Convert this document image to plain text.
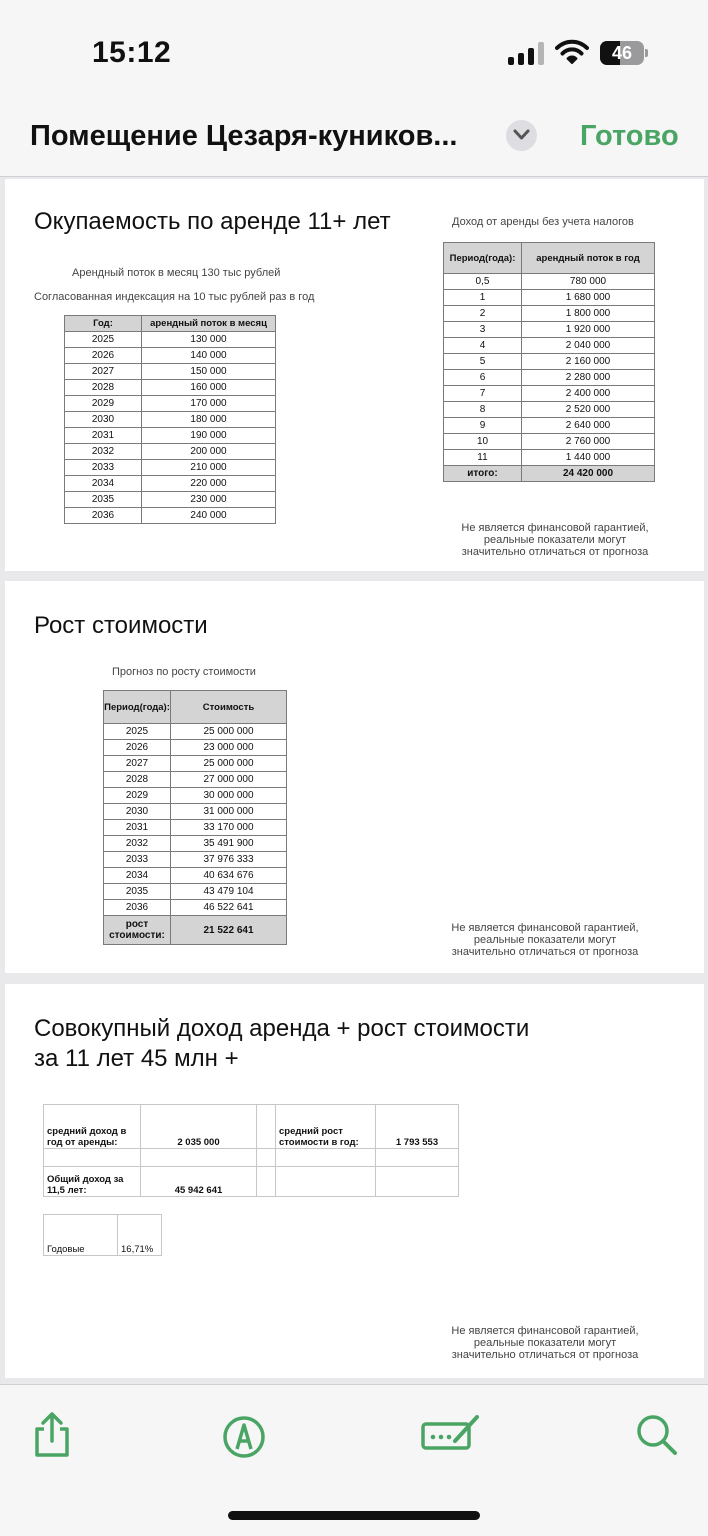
15:12	46
Помещение Цезаря-куников...	Готово
Окупаемость по аренде 11+ лет
Арендный поток в месяц 130 тыс рублей
Согласованная индексация на 10 тыс рублей раз в год
Год:	арендный поток в месяц
2025	130 000
2026	140 000
2027	150 000
2028	160 000
2029	170 000
2030	180 000
2031	190 000
2032	200 000
2033	210 000
2034	220 000
2035	230 000
2036	240 000
Доход от аренды без учета налогов
Период(года):	арендный поток в год
0,5	780 000
1	1 680 000
2	1 800 000
3	1 920 000
4	2 040 000
5	2 160 000
6	2 280 000
7	2 400 000
8	2 520 000
9	2 640 000
10	2 760 000
11	1 440 000
итого:	24 420 000
Не является финансовой гарантией,
реальные показатели могут
значительно отличаться от прогноза
Рост стоимости
Прогноз по росту стоимости
Период(года):	Стоимость
2025	25 000 000
2026	23 000 000
2027	25 000 000
2028	27 000 000
2029	30 000 000
2030	31 000 000
2031	33 170 000
2032	35 491 900
2033	37 976 333
2034	40 634 676
2035	43 479 104
2036	46 522 641
рост стоимости:	21 522 641	Не является финансовой гарантией,
реальные показатели могут
значительно отличаться от прогноза
Совокупный доход аренда + рост стоимости
за 11 лет 45 млн +
средний доход в год от аренды:	2 035 000		средний рост стоимости в год:	1 793 553

Общий доход за 11,5 лет:	45 942 641			
Годовые	16,71%
Не является финансовой гарантией,
реальные показатели могут
значительно отличаться от прогноза
